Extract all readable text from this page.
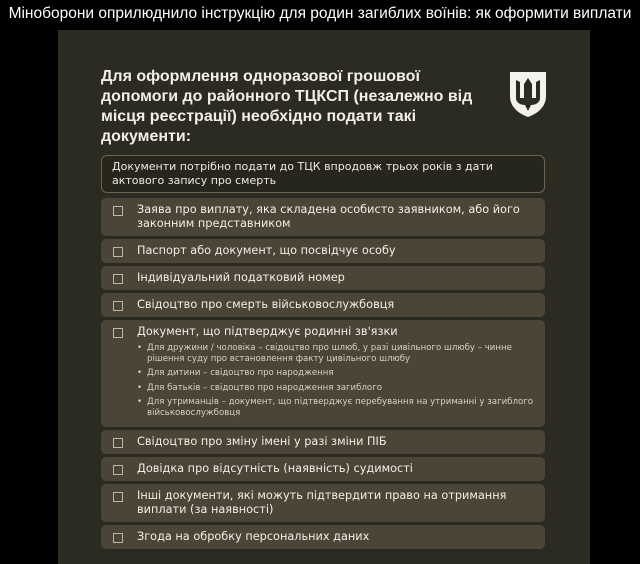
Міноборони оприлюднило інструкцію для родин загиблих воїнів: як оформити виплати
Для оформлення одноразової грошової допомоги до районного ТЦКСП (незалежно від місця реєстрації) необхідно подати такі документи:
Документи потрібно подати до ТЦК впродовж трьох років з дати актового запису про смерть
Заява про виплату, яка складена особисто заявником, або його законним представником
Паспорт або документ, що посвідчує особу
Індивідуальний податковий номер
Свідоцтво про смерть військовослужбовця
Документ, що підтверджує родинні зв'язки
• Для дружини / чоловіка – свідоцтво про шлюб, у разі цивільного шлюбу – чинне рішення суду про встановлення факту цивільного шлюбу
• Для дитини – свідоцтво про народження
• Для батьків – свідоцтво про народження загиблого
• Для утриманців – документ, що підтверджує перебування на утриманні у загиблого військовослужбовця
Свідоцтво про зміну імені у разі зміни ПІБ
Довідка про відсутність (наявність) судимості
Інші документи, які можуть підтвердити право на отримання виплати (за наявності)
Згода на обробку персональних даних
